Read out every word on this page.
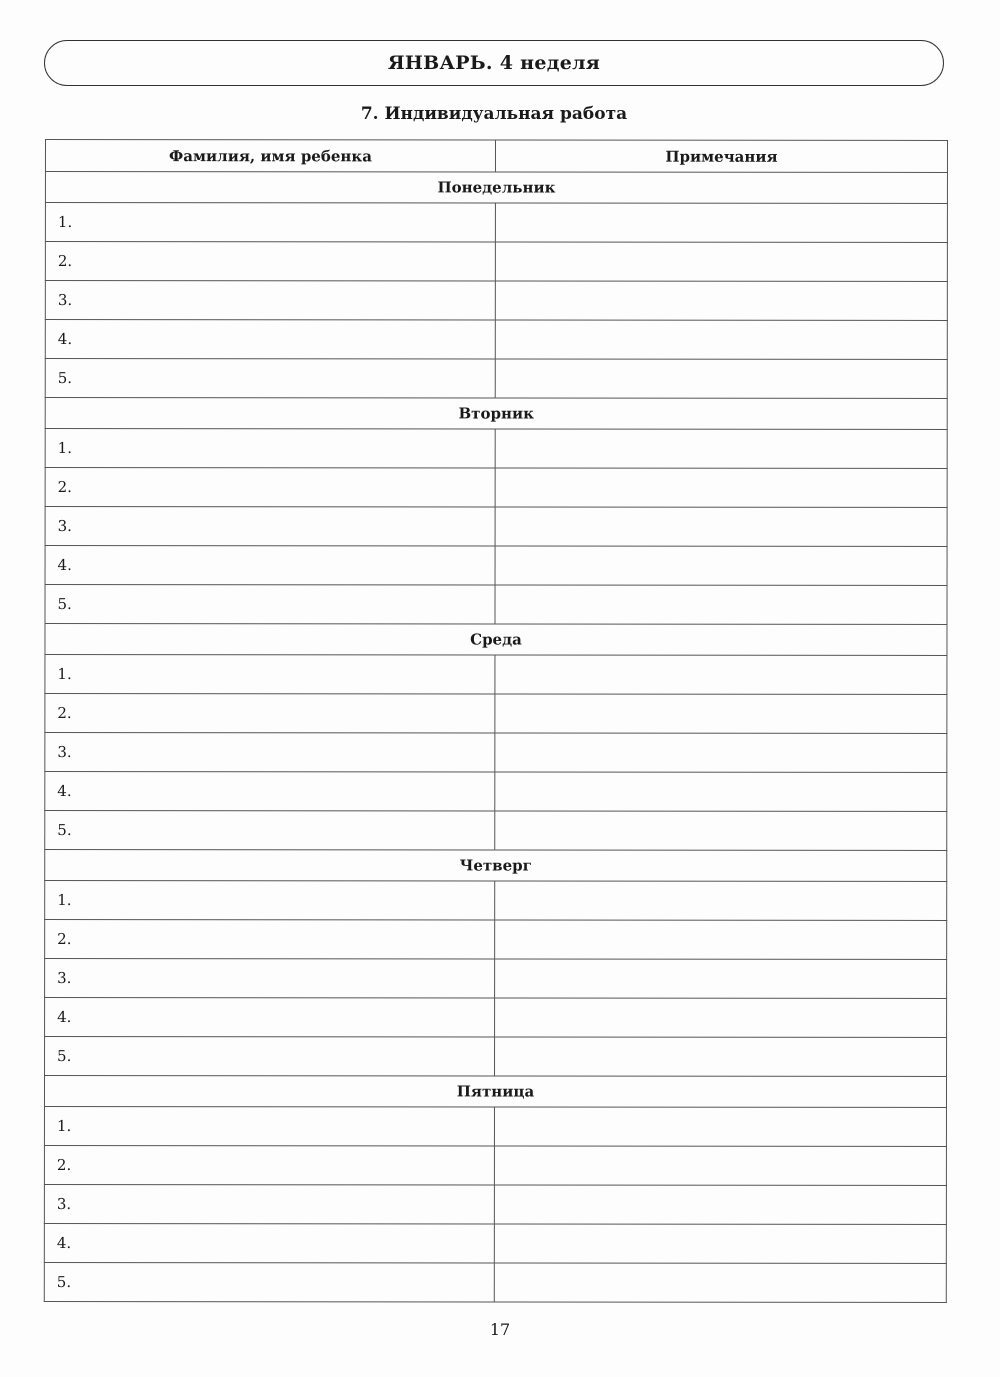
ЯНВАРЬ. 4 неделя
7. Индивидуальная работа
Фамилия, имя ребенка	Примечания
Понедельник	
1.	
2.	
3.	
4.	
5.	
Вторник	
1.	
2.	
3.	
4.	
5.	
Среда	
1.	
2.	
3.	
4.	
5.	
Четверг	
1.	
2.	
3.	
4.	
5.	
Пятница	
1.	
2.	
3.	
4.	
5.	
17
